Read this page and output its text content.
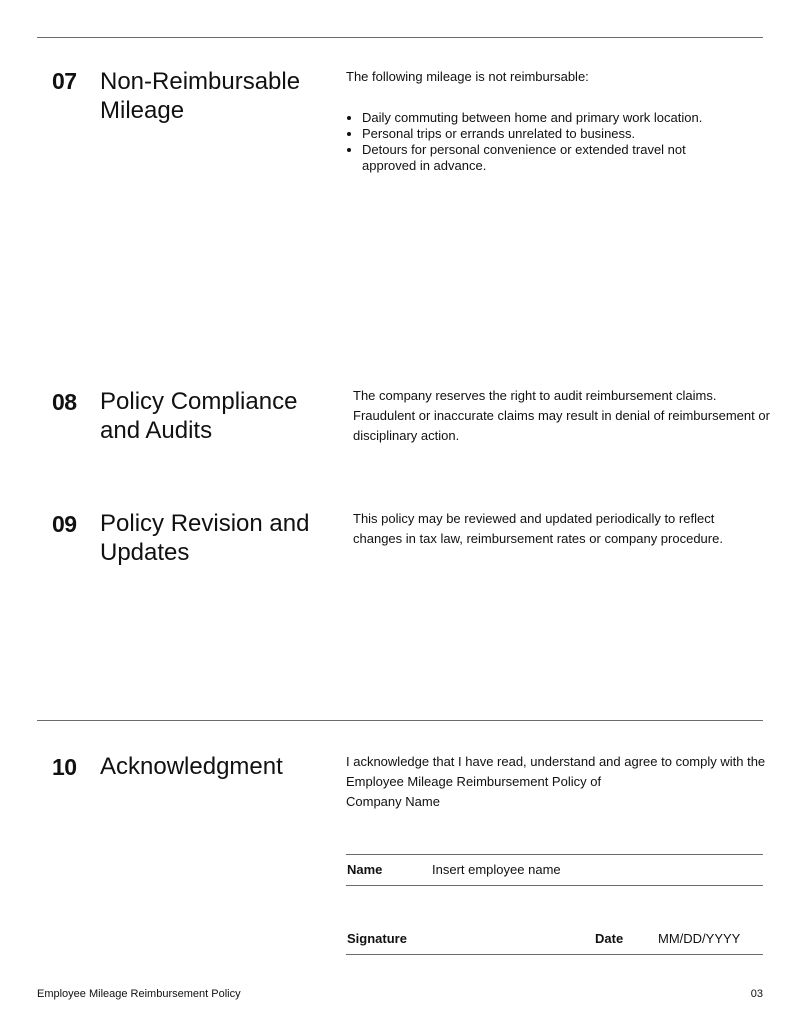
07 Non-Reimbursable Mileage

The following mileage is not reimbursable:

• Daily commuting between home and primary work location.
• Personal trips or errands unrelated to business.
• Detours for personal convenience or extended travel not approved in advance.
08 Policy Compliance and Audits
The company reserves the right to audit reimbursement claims. Fraudulent or inaccurate claims may result in denial of reimbursement or disciplinary action.
09 Policy Revision and Updates
This policy may be reviewed and updated periodically to reflect changes in tax law, reimbursement rates or company procedure.
10 Acknowledgment	I acknowledge that I have read, understand and agree to comply with the Employee Mileage Reimbursement Policy of

Company Name

Name	Insert employee name
Signature	Date	MM/DD/YYYY
Employee Mileage Reimbursement Policy	03
